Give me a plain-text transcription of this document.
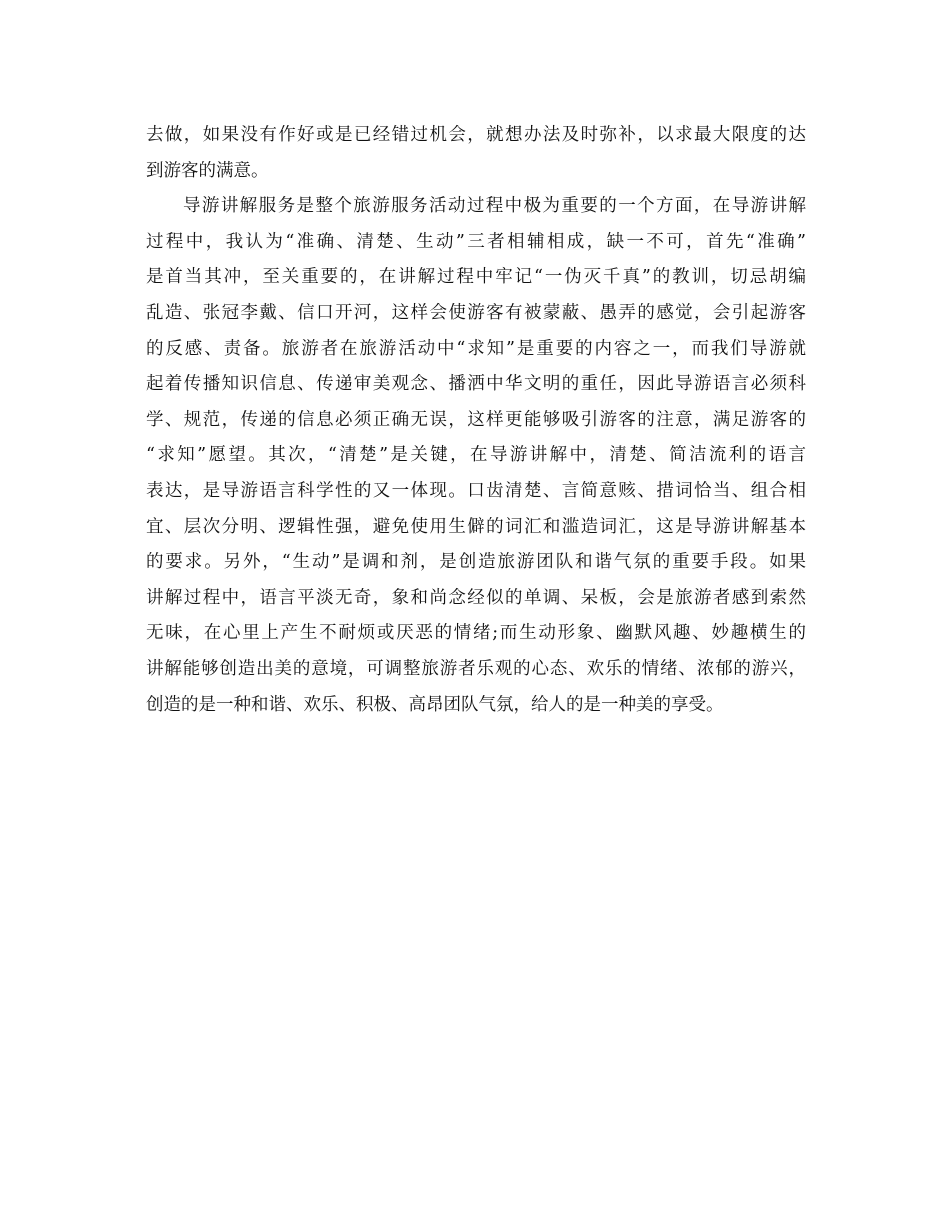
去做，如果没有作好或是已经错过机会，就想办法及时弥补，以求最大限度的达
到游客的满意。
导游讲解服务是整个旅游服务活动过程中极为重要的一个方面，在导游讲解
过程中，我认为“准确、清楚、生动”三者相辅相成，缺一不可，首先“准确”
是首当其冲，至关重要的，在讲解过程中牢记“一伪灭千真”的教训，切忌胡编
乱造、张冠李戴、信口开河，这样会使游客有被蒙蔽、愚弄的感觉，会引起游客
的反感、责备。旅游者在旅游活动中“求知”是重要的内容之一，而我们导游就
起着传播知识信息、传递审美观念、播洒中华文明的重任，因此导游语言必须科
学、规范，传递的信息必须正确无误，这样更能够吸引游客的注意，满足游客的
“求知”愿望。其次，“清楚”是关键，在导游讲解中，清楚、简洁流利的语言
表达，是导游语言科学性的又一体现。口齿清楚、言简意赅、措词恰当、组合相
宜、层次分明、逻辑性强，避免使用生僻的词汇和滥造词汇，这是导游讲解基本
的要求。另外，“生动”是调和剂，是创造旅游团队和谐气氛的重要手段。如果
讲解过程中，语言平淡无奇，象和尚念经似的单调、呆板，会是旅游者感到索然
无味，在心里上产生不耐烦或厌恶的情绪;而生动形象、幽默风趣、妙趣横生的
讲解能够创造出美的意境，可调整旅游者乐观的心态、欢乐的情绪、浓郁的游兴，
创造的是一种和谐、欢乐、积极、高昂团队气氛，给人的是一种美的享受。
